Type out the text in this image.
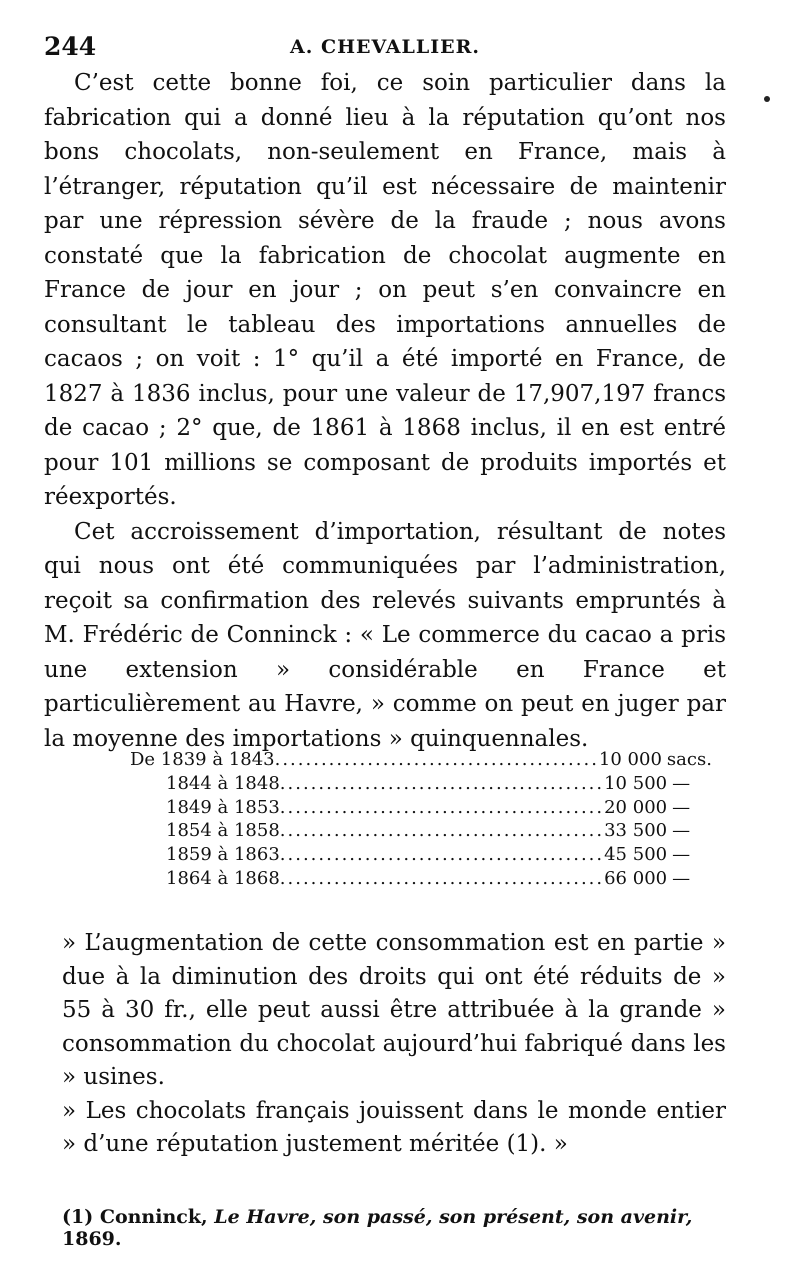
244	A. CHEVALLIER.

C’est cette bonne foi, ce soin particulier dans la fabrication qui a donné lieu à la réputation qu’ont nos bons chocolats, non-seulement en France, mais à l’étranger, réputation qu’il est nécessaire de maintenir par une répression sévère de la fraude ; nous avons constaté que la fabrication de chocolat augmente en France de jour en jour ; on peut s’en convaincre en consultant le tableau des importations annuelles de cacaos ; on voit : 1° qu’il a été importé en France, de 1827 à 1836 inclus, pour une valeur de 17,907,197 francs de cacao ; 2° que, de 1861 à 1868 inclus, il en est entré pour 101 millions se composant de produits importés et réexportés.

Cet accroissement d’importation, résultant de notes qui nous ont été communiquées par l’administration, reçoit sa confirmation des relevés suivants empruntés à M. Frédéric de Conninck : « Le commerce du cacao a pris une extension » considérable en France et particulièrement au Havre, » comme on peut en juger par la moyenne des importations » quinquennales.

De 1839 à 1843 .......................................... 10 000 sacs.
1844 à 1848 .......................................... 10 500 —
1849 à 1853 .......................................... 20 000 —
1854 à 1858 .......................................... 33 500 —
1859 à 1863 .......................................... 45 500 —
1864 à 1868 .......................................... 66 000 —

» L’augmentation de cette consommation est en partie » due à la diminution des droits qui ont été réduits de » 55 à 30 fr., elle peut aussi être attribuée à la grande » consommation du chocolat aujourd’hui fabriqué dans les » usines.

» Les chocolats français jouissent dans le monde entier » d’une réputation justement méritée (1). »

(1) Conninck, Le Havre, son passé, son présent, son avenir, 1869.
